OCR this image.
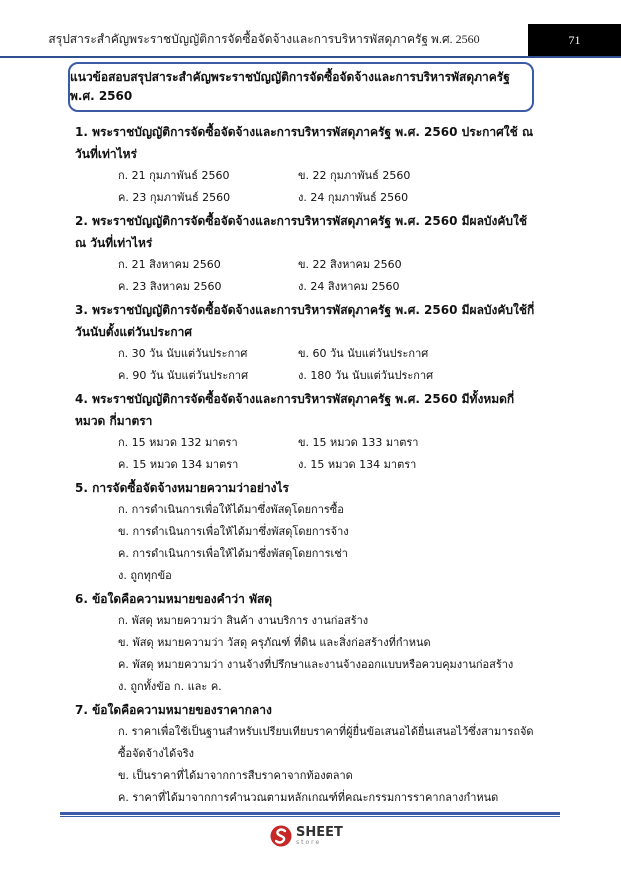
สรุปสาระสำคัญพระราชบัญญัติการจัดซื้อจัดจ้างและการบริหารพัสดุภาครัฐ พ.ศ. 2560	71
แนวข้อสอบสรุปสาระสำคัญพระราชบัญญัติการจัดซื้อจัดจ้างและการบริหารพัสดุภาครัฐ พ.ศ. 2560
1. พระราชบัญญัติการจัดซื้อจัดจ้างและการบริหารพัสดุภาครัฐ พ.ศ. 2560 ประกาศใช้ ณ วันที่เท่าไหร่
ก. 21 กุมภาพันธ์ 2560	ข. 22 กุมภาพันธ์ 2560
ค. 23 กุมภาพันธ์ 2560	ง. 24 กุมภาพันธ์ 2560
2. พระราชบัญญัติการจัดซื้อจัดจ้างและการบริหารพัสดุภาครัฐ พ.ศ. 2560 มีผลบังคับใช้ ณ วันที่เท่าไหร่
ก. 21 สิงหาคม 2560	ข. 22 สิงหาคม 2560
ค. 23 สิงหาคม 2560	ง. 24 สิงหาคม 2560
3. พระราชบัญญัติการจัดซื้อจัดจ้างและการบริหารพัสดุภาครัฐ พ.ศ. 2560 มีผลบังคับใช้กี่วันนับตั้งแต่วันประกาศ
ก. 30 วัน นับแต่วันประกาศ	ข. 60 วัน นับแต่วันประกาศ
ค. 90 วัน นับแต่วันประกาศ	ง. 180 วัน นับแต่วันประกาศ
4. พระราชบัญญัติการจัดซื้อจัดจ้างและการบริหารพัสดุภาครัฐ พ.ศ. 2560 มีทั้งหมดกี่หมวด กี่มาตรา
ก. 15 หมวด 132 มาตรา	ข. 15 หมวด 133 มาตรา
ค. 15 หมวด 134 มาตรา	ง. 15 หมวด 134 มาตรา
5. การจัดซื้อจัดจ้างหมายความว่าอย่างไร
ก. การดำเนินการเพื่อให้ได้มาซึ่งพัสดุโดยการซื้อ
ข. การดำเนินการเพื่อให้ได้มาซึ่งพัสดุโดยการจ้าง
ค. การดำเนินการเพื่อให้ได้มาซึ่งพัสดุโดยการเช่า
ง. ถูกทุกข้อ
6. ข้อใดคือความหมายของคำว่า พัสดุ
ก. พัสดุ หมายความว่า สินค้า งานบริการ งานก่อสร้าง
ข. พัสดุ หมายความว่า วัสดุ ครุภัณฑ์ ที่ดิน และสิ่งก่อสร้างที่กำหนด
ค. พัสดุ หมายความว่า งานจ้างที่ปรึกษาและงานจ้างออกแบบหรือควบคุมงานก่อสร้าง
ง. ถูกทั้งข้อ ก. และ ค.
7. ข้อใดคือความหมายของราคากลาง
ก. ราคาเพื่อใช้เป็นฐานสำหรับเปรียบเทียบราคาที่ผู้ยื่นข้อเสนอได้ยื่นเสนอไว้ซึ่งสามารถจัดซื้อจัดจ้างได้จริง
ข. เป็นราคาที่ได้มาจากการสืบราคาจากท้องตลาด
ค. ราคาที่ได้มาจากการคำนวณตามหลักเกณฑ์ที่คณะกรรมการราคากลางกำหนด
SHEET
store
